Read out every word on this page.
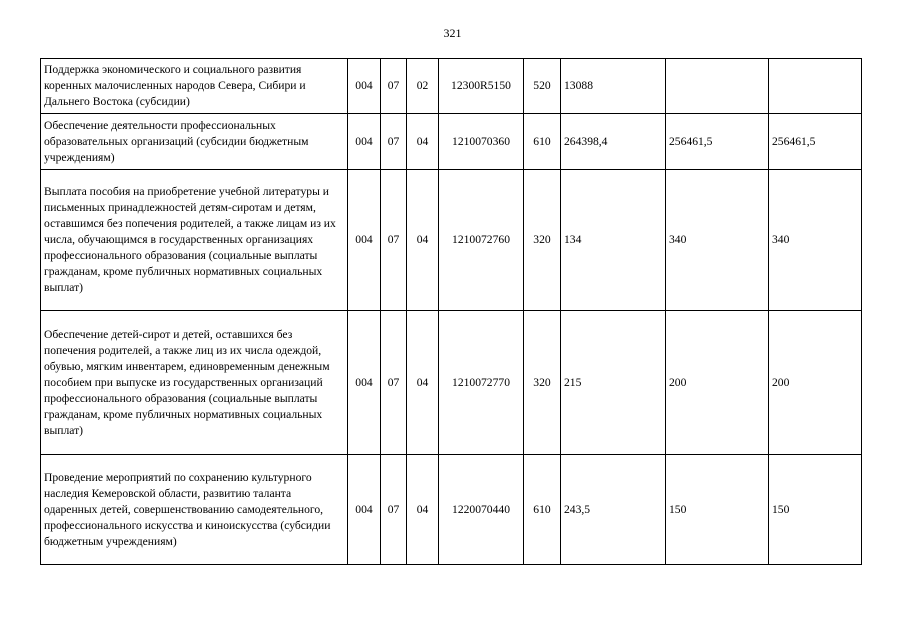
321
Поддержка экономического и социального развития коренных малочисленных народов Севера, Сибири и Дальнего Востока (субсидии)	004	07	02	12300R5150	520	13088		
Обеспечение деятельности профессиональных образовательных организаций (субсидии бюджетным учреждениям)	004	07	04	1210070360	610	264398,4	256461,5	256461,5
Выплата пособия на приобретение учебной литературы и письменных принадлежностей детям-сиротам и детям, оставшимся без попечения родителей, а также лицам из их числа, обучающимся в государственных организациях профессионального образования (социальные выплаты гражданам, кроме публичных нормативных социальных выплат)	004	07	04	1210072760	320	134	340	340
Обеспечение детей-сирот и детей, оставшихся без попечения родителей, а также лиц из их числа одеждой, обувью, мягким инвентарем, единовременным денежным пособием при выпуске из государственных организаций профессионального образования (социальные выплаты гражданам, кроме публичных нормативных социальных выплат)	004	07	04	1210072770	320	215	200	200
Проведение мероприятий по сохранению культурного наследия Кемеровской области, развитию таланта одаренных детей, совершенствованию самодеятельного, профессионального искусства и киноискусства (субсидии бюджетным учреждениям)	004	07	04	1220070440	610	243,5	150	150
